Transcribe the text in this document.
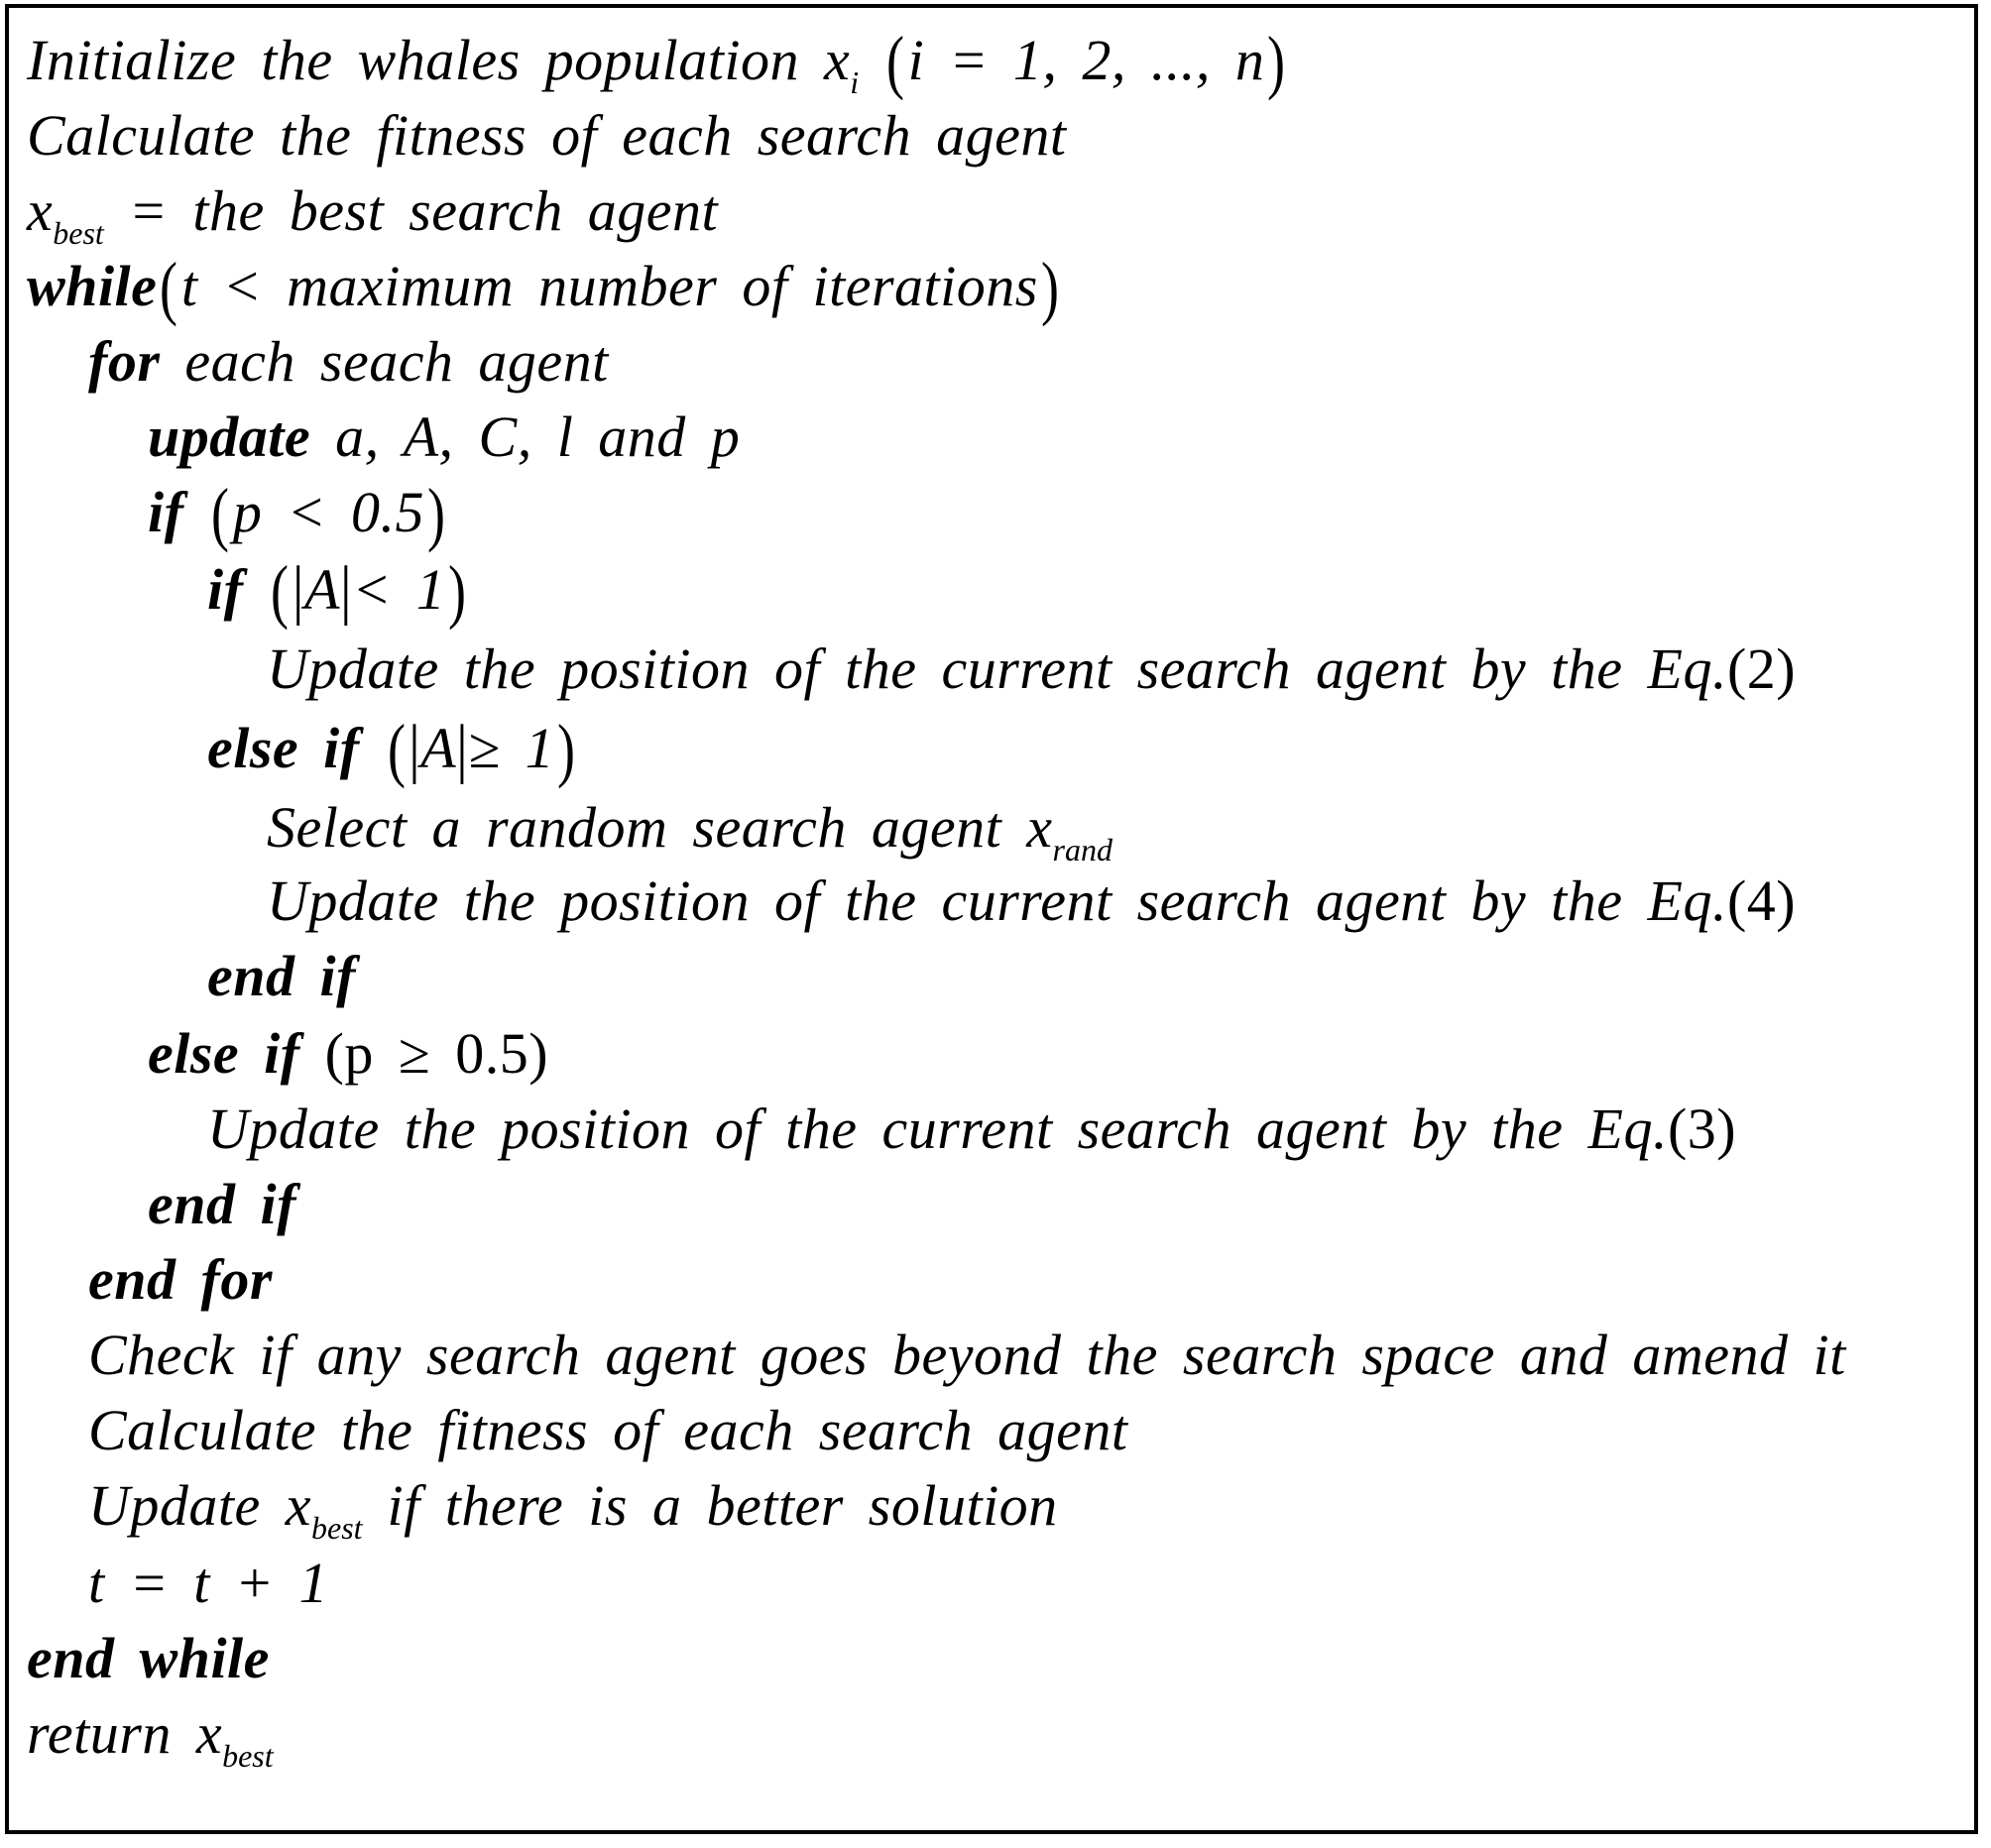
Initialize the whales population $x_i$ (i = 1, 2, ..., n)
Calculate the fitness of each search agent
$x_{best}$ = the best search agent
while(t < maximum number of iterations)
for each seach agent
update a, A, C, l and p
if (p < 0.5)
if (|A|< 1)
Update the position of the current search agent by the Eq.(2)
else if (|A|≥ 1)
Select a random search agent $x_{rand}$
Update the position of the current search agent by the Eq.(4)
end if
else if (p ≥ 0.5)
Update the position of the current search agent by the Eq.(3)
end if
end for
Check if any search agent goes beyond the search space and amend it
Calculate the fitness of each search agent
Update $x_{best}$ if there is a better solution
t = t + 1
end while
return $x_{best}$
